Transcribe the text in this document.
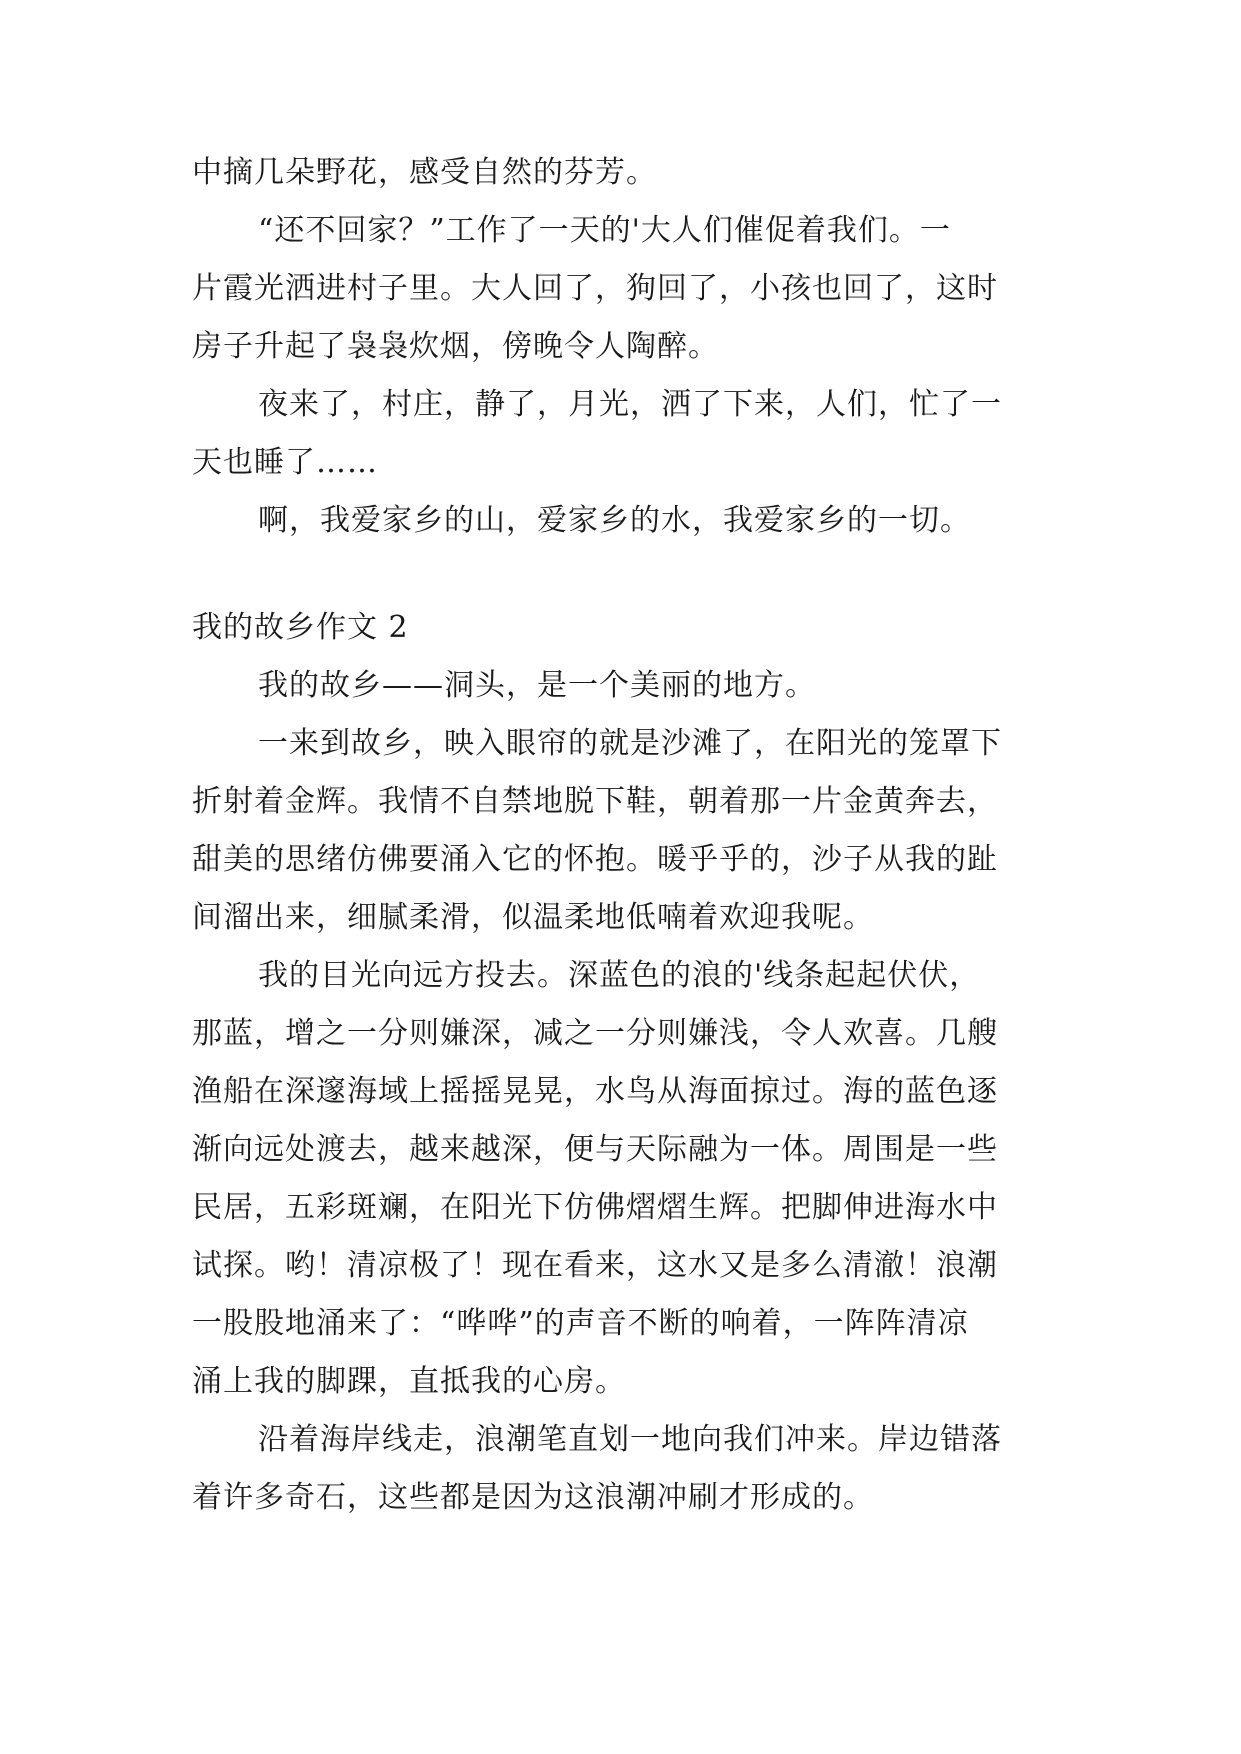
中摘几朵野花，感受自然的芬芳。
“还不回家？”工作了一天的'大人们催促着我们。一
片霞光洒进村子里。大人回了，狗回了，小孩也回了，这时
房子升起了袅袅炊烟，傍晚令人陶醉。
夜来了，村庄，静了，月光，洒了下来，人们，忙了一
天也睡了……
啊，我爱家乡的山，爱家乡的水，我爱家乡的一切。
我的故乡作文 2
我的故乡——洞头，是一个美丽的地方。
一来到故乡，映入眼帘的就是沙滩了，在阳光的笼罩下
折射着金辉。我情不自禁地脱下鞋，朝着那一片金黄奔去，
甜美的思绪仿佛要涌入它的怀抱。暖乎乎的，沙子从我的趾
间溜出来，细腻柔滑，似温柔地低喃着欢迎我呢。
我的目光向远方投去。深蓝色的浪的'线条起起伏伏，
那蓝，增之一分则嫌深，减之一分则嫌浅，令人欢喜。几艘
渔船在深邃海域上摇摇晃晃，水鸟从海面掠过。海的蓝色逐
渐向远处渡去，越来越深，便与天际融为一体。周围是一些
民居，五彩斑斓，在阳光下仿佛熠熠生辉。把脚伸进海水中
试探。哟！清凉极了！现在看来，这水又是多么清澈！浪潮
一股股地涌来了：“哗哗”的声音不断的响着，一阵阵清凉
涌上我的脚踝，直抵我的心房。
沿着海岸线走，浪潮笔直划一地向我们冲来。岸边错落
着许多奇石，这些都是因为这浪潮冲刷才形成的。
